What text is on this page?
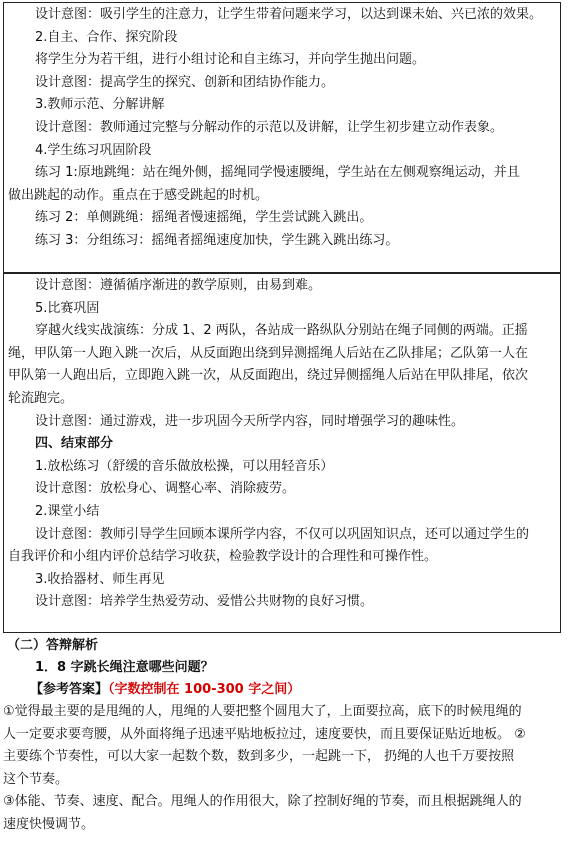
设计意图：吸引学生的注意力，让学生带着问题来学习，以达到课未始、兴已浓的效果。
2.自主、合作、探究阶段
将学生分为若干组，进行小组讨论和自主练习，并向学生抛出问题。
设计意图：提高学生的探究、创新和团结协作能力。
3.教师示范、分解讲解
设计意图：教师通过完整与分解动作的示范以及讲解，让学生初步建立动作表象。
4.学生练习巩固阶段
练习 1:原地跳绳：站在绳外侧，摇绳同学慢速腰绳，学生站在左侧观察绳运动，并且
做出跳起的动作。重点在于感受跳起的时机。
练习 2：单侧跳绳：摇绳者慢速摇绳，学生尝试跳入跳出。
练习 3：分组练习：摇绳者摇绳速度加快，学生跳入跳出练习。
设计意图：遵循循序渐进的教学原则，由易到难。
5.比赛巩固
穿越火线实战演练：分成 1、2 两队，各站成一路纵队分别站在绳子同侧的两端。正摇
绳，甲队第一人跑入跳一次后，从反面跑出绕到异测摇绳人后站在乙队排尾；乙队第一人在
甲队第一人跑出后，立即跑入跳一次，从反面跑出，绕过异侧摇绳人后站在甲队排尾，依次
轮流跑完。
设计意图：通过游戏，进一步巩固今天所学内容，同时增强学习的趣味性。
四、结束部分
1.放松练习（舒缓的音乐做放松操，可以用轻音乐）
设计意图：放松身心、调整心率、消除疲劳。
2.课堂小结
设计意图：教师引导学生回顾本课所学内容，不仅可以巩固知识点，还可以通过学生的
自我评价和小组内评价总结学习收获，检验教学设计的合理性和可操作性。
3.收拾器材、师生再见
设计意图：培养学生热爱劳动、爱惜公共财物的良好习惯。
（二）答辩解析
1．8 字跳长绳注意哪些问题？
【参考答案】（字数控制在 100-300 字之间）
①觉得最主要的是甩绳的人，甩绳的人要把整个圆甩大了，上面要拉高，底下的时候甩绳的
人一定要求要弯腰，从外面将绳子迅速平贴地板拉过，速度要快，而且要保证贴近地板。 ②
主要练个节奏性，可以大家一起数个数，数到多少，一起跳一下， 扔绳的人也千万要按照
这个节奏。
③体能、节奏、速度、配合。甩绳人的作用很大，除了控制好绳的节奏，而且根据跳绳人的
速度快慢调节。
